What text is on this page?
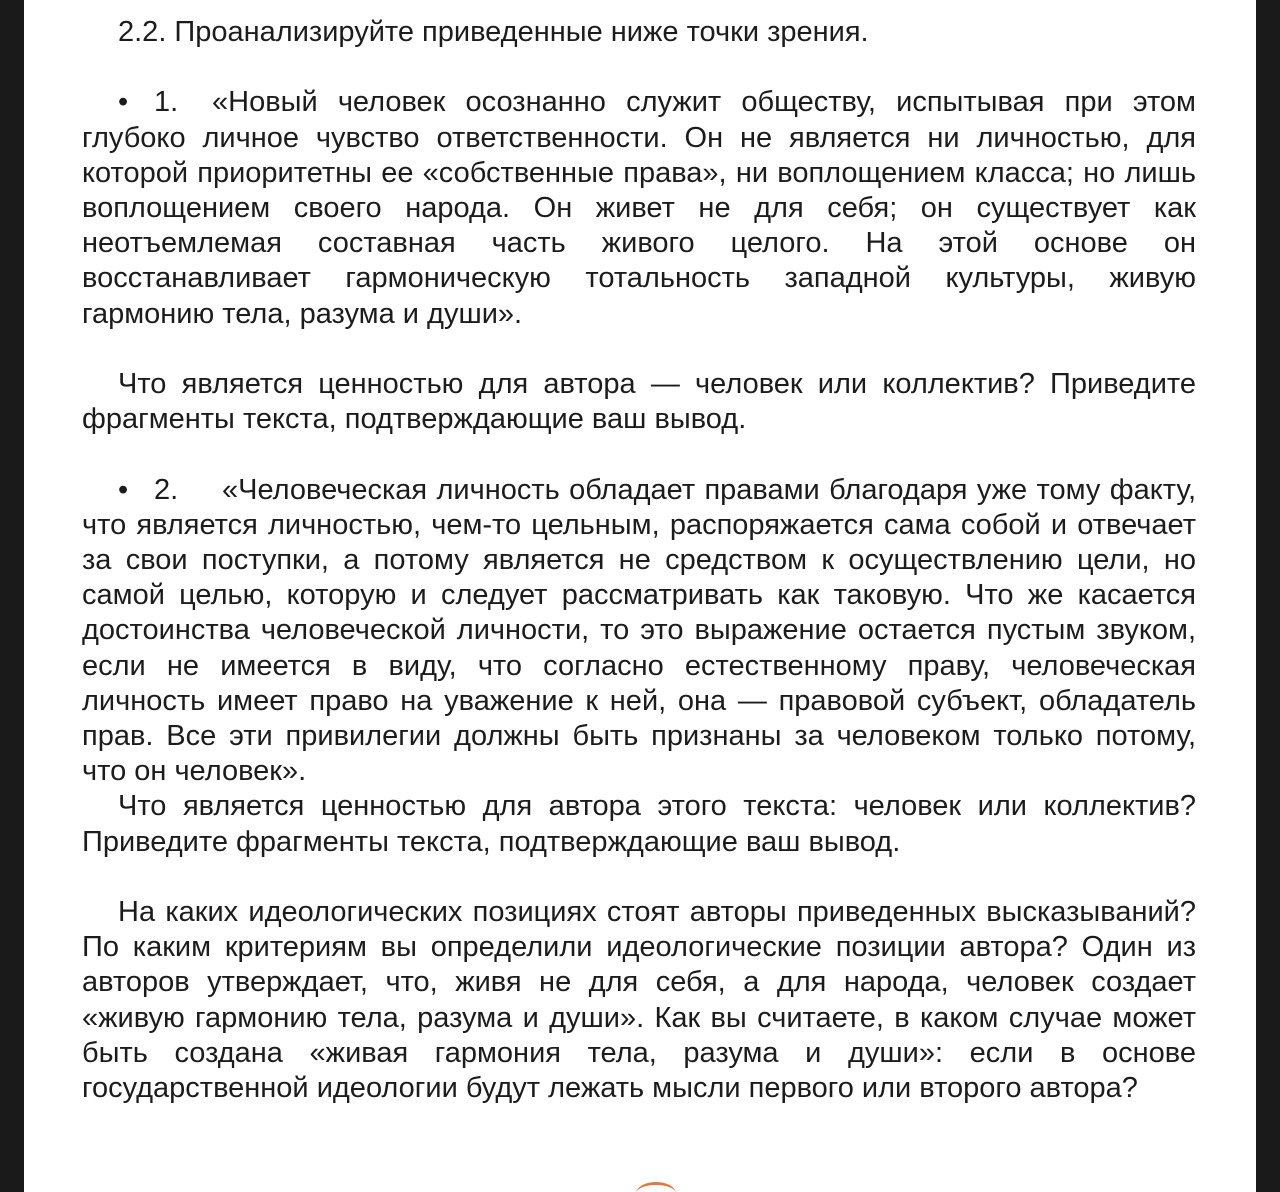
2.2. Проанализируйте приведенные ниже точки зрения.

• 1. «Новый человек осознанно служит обществу, испытывая при этом глубоко личное чувство ответственности. Он не является ни личностью, для которой приоритетны ее «собственные права», ни воплощением класса; но лишь воплощением своего народа. Он живет не для себя; он существует как неотъемлемая составная часть живого целого. На этой основе он восстанавливает гармоническую тотальность западной культуры, живую гармонию тела, разума и души».

Что является ценностью для автора — человек или коллектив? Приведите фрагменты текста, подтверждающие ваш вывод.

• 2. «Человеческая личность обладает правами благодаря уже тому факту, что является личностью, чем-то цельным, распоряжается сама собой и отвечает за свои поступки, а потому является не средством к осуществлению цели, но самой целью, которую и следует рассматривать как таковую. Что же касается достоинства человеческой личности, то это выражение остается пустым звуком, если не имеется в виду, что согласно естественному праву, человеческая личность имеет право на уважение к ней, она — правовой субъект, обладатель прав. Все эти привилегии должны быть признаны за человеком только потому, что он человек».

Что является ценностью для автора этого текста: человек или коллектив? Приведите фрагменты текста, подтверждающие ваш вывод.

На каких идеологических позициях стоят авторы приведенных высказываний? По каким критериям вы определили идеологические позиции автора? Один из авторов утверждает, что, живя не для себя, а для народа, человек создает «живую гармонию тела, разума и души». Как вы считаете, в каком случае может быть создана «живая гармония тела, разума и души»: если в основе государственной идеологии будут лежать мысли первого или второго автора?
